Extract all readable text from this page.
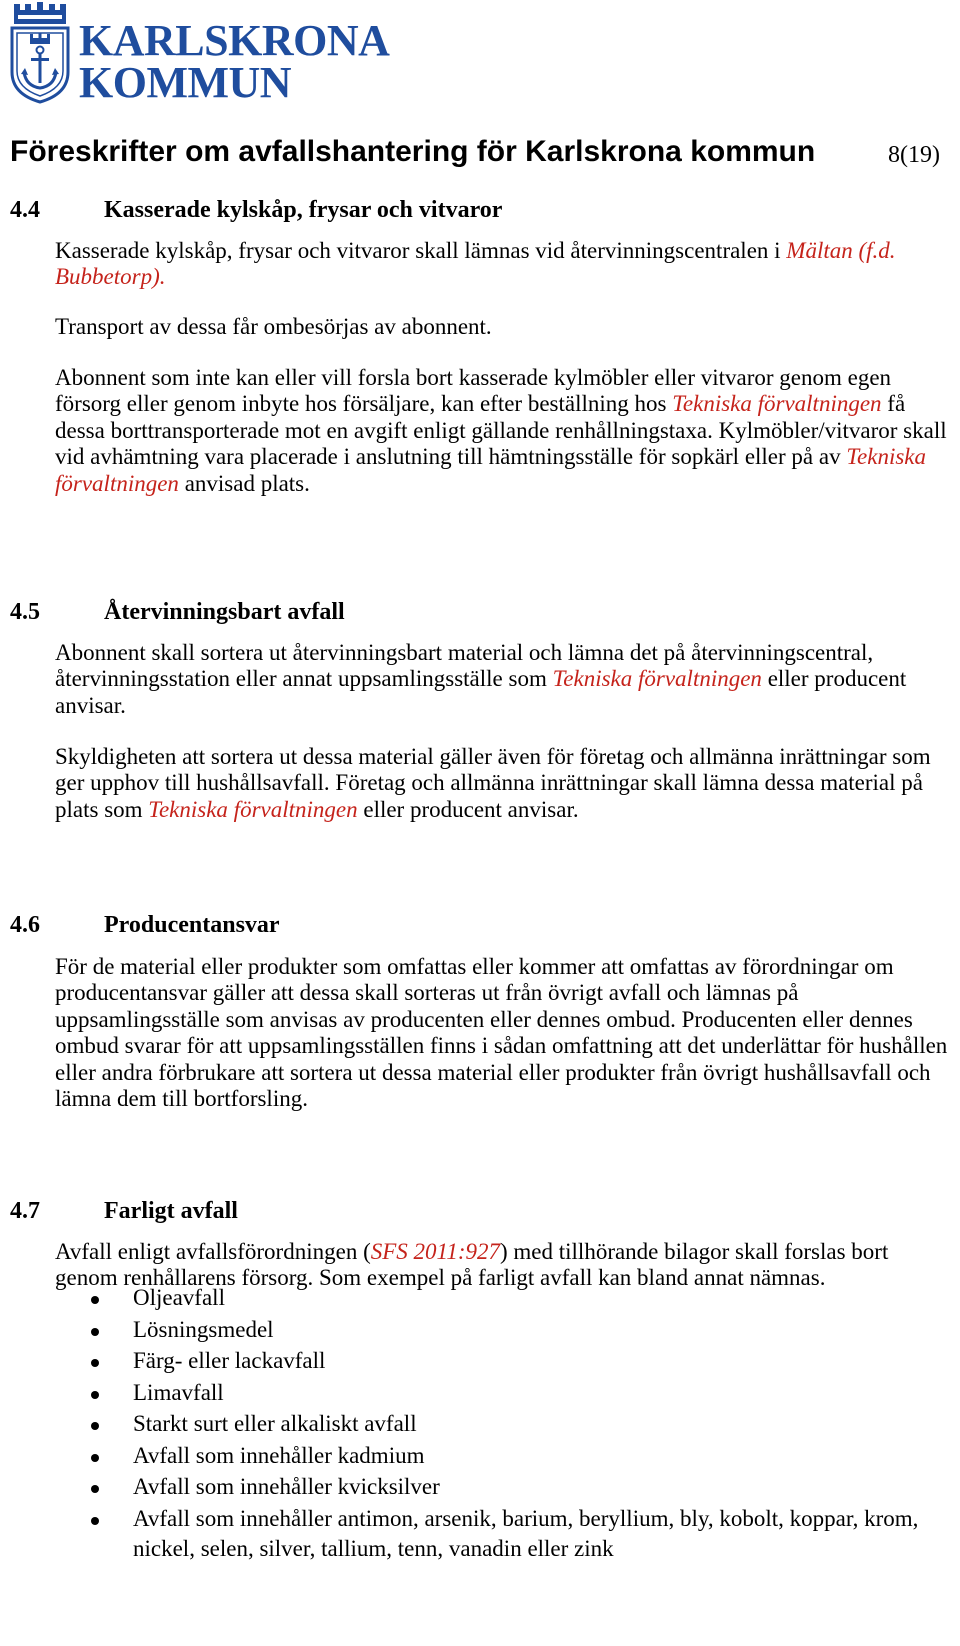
KARLSKRONA
KOMMUN
Föreskrifter om avfallshantering för Karlskrona kommun	8(19)
4.4	Kasserade kylskåp, frysar och vitvaror

Kasserade kylskåp, frysar och vitvaror skall lämnas vid återvinningscentralen i Mältan (f.d. Bubbetorp).

Transport av dessa får ombesörjas av abonnent.

Abonnent som inte kan eller vill forsla bort kasserade kylmöbler eller vitvaror genom egen försorg eller genom inbyte hos försäljare, kan efter beställning hos Tekniska förvaltningen få dessa borttransporterade mot en avgift enligt gällande renhållningstaxa. Kylmöbler/vitvaror skall vid avhämtning vara placerade i anslutning till hämtningsställe för sopkärl eller på av Tekniska förvaltningen anvisad plats.

4.5	Återvinningsbart avfall

Abonnent skall sortera ut återvinningsbart material och lämna det på återvinningscentral, återvinningsstation eller annat uppsamlingsställe som Tekniska förvaltningen eller producent anvisar.

Skyldigheten att sortera ut dessa material gäller även för företag och allmänna inrättningar som ger upphov till hushållsavfall. Företag och allmänna inrättningar skall lämna dessa material på plats som Tekniska förvaltningen eller producent anvisar.

4.6	Producentansvar

För de material eller produkter som omfattas eller kommer att omfattas av förordningar om producentansvar gäller att dessa skall sorteras ut från övrigt avfall och lämnas på uppsamlingsställe som anvisas av producenten eller dennes ombud. Producenten eller dennes ombud svarar för att uppsamlingsställen finns i sådan omfattning att det underlättar för hushållen eller andra förbrukare att sortera ut dessa material eller produkter från övrigt hushållsavfall och lämna dem till bortforsling.

4.7	Farligt avfall

Avfall enligt avfallsförordningen (SFS 2011:927) med tillhörande bilagor skall forslas bort genom renhållarens försorg. Som exempel på farligt avfall kan bland annat nämnas.

Oljeavfall
Lösningsmedel
Färg- eller lackavfall
Limavfall
Starkt surt eller alkaliskt avfall
Avfall som innehåller kadmium
Avfall som innehåller kvicksilver
Avfall som innehåller antimon, arsenik, barium, beryllium, bly, kobolt, koppar, krom, nickel, selen, silver, tallium, tenn, vanadin eller zink
